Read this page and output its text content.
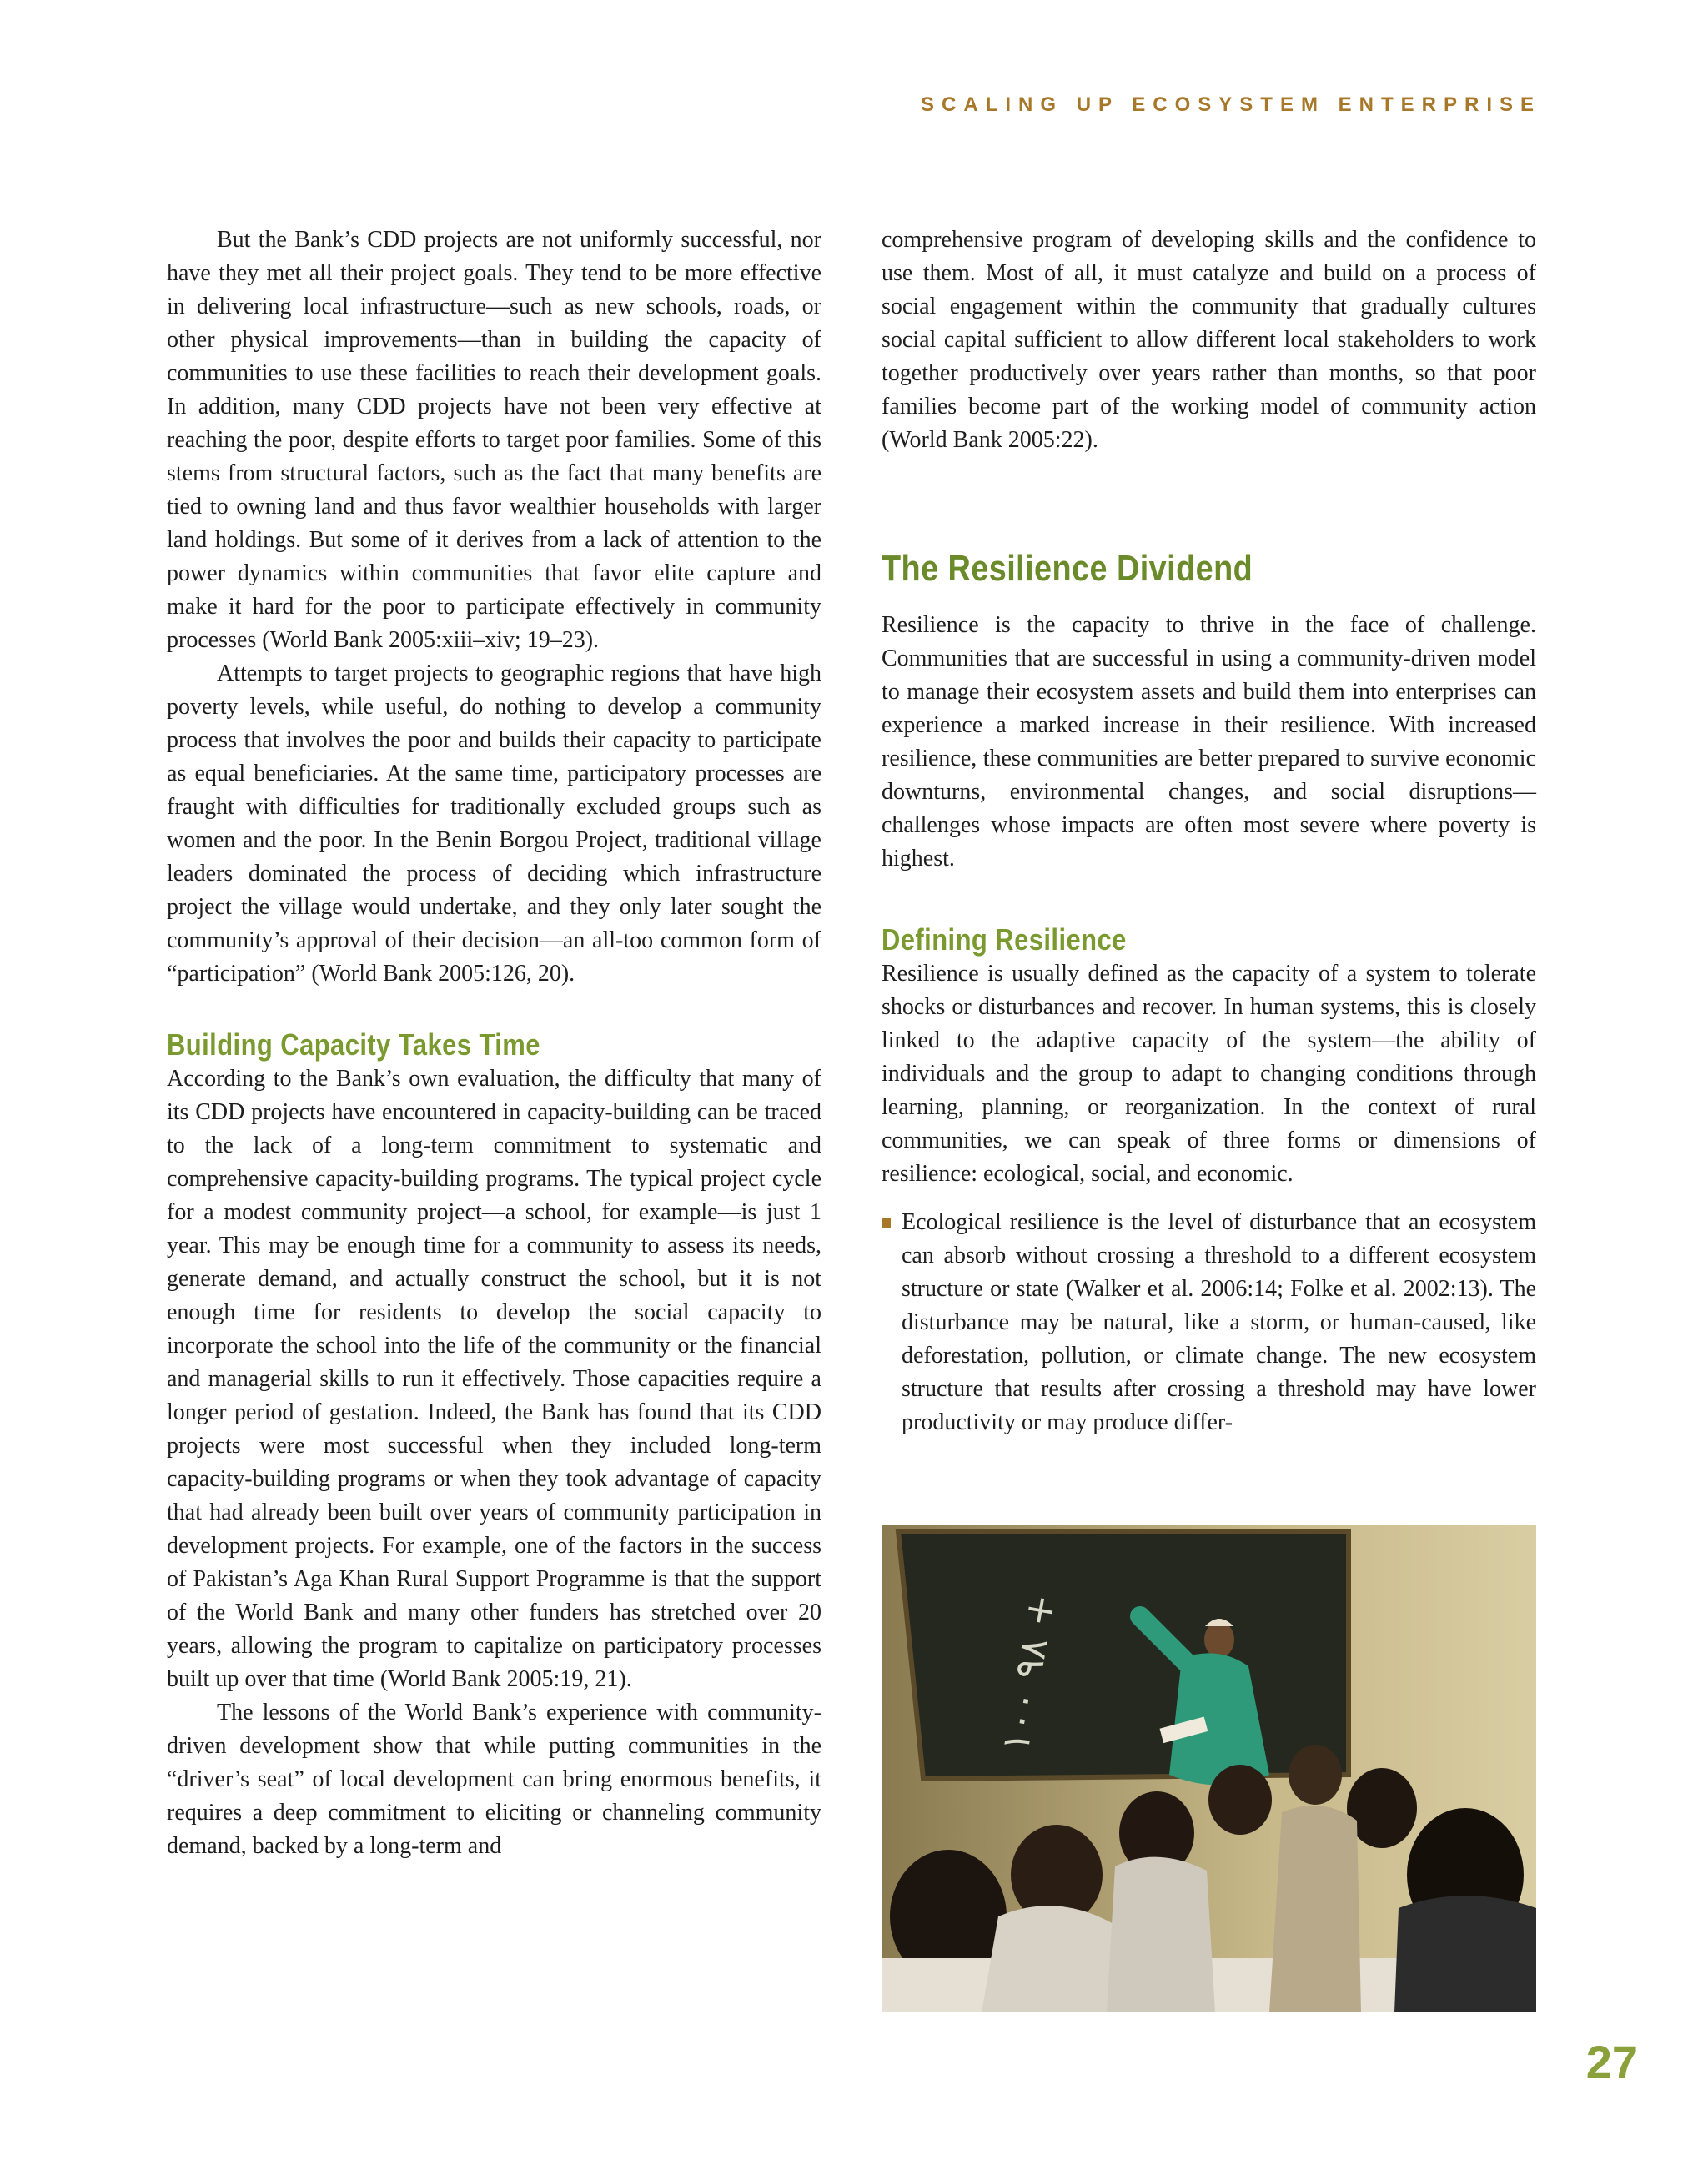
SCALING UP ECOSYSTEM ENTERPRISE

But the Bank’s CDD projects are not uniformly successful, nor have they met all their project goals. They tend to be more effective in delivering local infrastructure—such as new schools, roads, or other physical improvements—than in building the capacity of communities to use these facilities to reach their development goals. In addition, many CDD projects have not been very effective at reaching the poor, despite efforts to target poor families. Some of this stems from structural factors, such as the fact that many benefits are tied to owning land and thus favor wealthier households with larger land holdings. But some of it derives from a lack of attention to the power dynamics within communities that favor elite capture and make it hard for the poor to participate effectively in community processes (World Bank 2005:xiii–xiv; 19–23).

Attempts to target projects to geographic regions that have high poverty levels, while useful, do nothing to develop a community process that involves the poor and builds their capacity to participate as equal beneficiaries. At the same time, participatory processes are fraught with difficulties for traditionally excluded groups such as women and the poor. In the Benin Borgou Project, traditional village leaders dominated the process of deciding which infrastructure project the village would undertake, and they only later sought the community’s approval of their decision—an all-too common form of “participation” (World Bank 2005:126, 20).

Building Capacity Takes Time

According to the Bank’s own evaluation, the difficulty that many of its CDD projects have encountered in capacity-building can be traced to the lack of a long-term commitment to systematic and comprehensive capacity-building programs. The typical project cycle for a modest community project—a school, for example—is just 1 year. This may be enough time for a community to assess its needs, generate demand, and actually construct the school, but it is not enough time for residents to develop the social capacity to incorporate the school into the life of the community or the financial and managerial skills to run it effectively. Those capacities require a longer period of gestation. Indeed, the Bank has found that its CDD projects were most successful when they included long-term capacity-building programs or when they took advantage of capacity that had already been built over years of community participation in development projects. For example, one of the factors in the success of Pakistan’s Aga Khan Rural Support Programme is that the support of the World Bank and many other funders has stretched over 20 years, allowing the program to capitalize on participatory processes built up over that time (World Bank 2005:19, 21).

The lessons of the World Bank’s experience with community-driven development show that while putting communities in the “driver’s seat” of local development can bring enormous benefits, it requires a deep commitment to eliciting or channeling community demand, backed by a long-term and

comprehensive program of developing skills and the confidence to use them. Most of all, it must catalyze and build on a process of social engagement within the community that gradually cultures social capital sufficient to allow different local stakeholders to work together productively over years rather than months, so that poor families become part of the working model of community action (World Bank 2005:22).

The Resilience Dividend

Resilience is the capacity to thrive in the face of challenge. Communities that are successful in using a community-driven model to manage their ecosystem assets and build them into enterprises can experience a marked increase in their resilience. With increased resilience, these communities are better prepared to survive economic downturns, environmental changes, and social disruptions—challenges whose impacts are often most severe where poverty is highest.

Defining Resilience

Resilience is usually defined as the capacity of a system to tolerate shocks or disturbances and recover. In human systems, this is closely linked to the adaptive capacity of the system—the ability of individuals and the group to adapt to changing conditions through learning, planning, or reorganization. In the context of rural communities, we can speak of three forms or dimensions of resilience: ecological, social, and economic.

Ecological resilience is the level of disturbance that an ecosystem can absorb without crossing a threshold to a different ecosystem structure or state (Walker et al. 2006:14; Folke et al. 2002:13). The disturbance may be natural, like a storm, or human-caused, like deforestation, pollution, or climate change. The new ecosystem structure that results after crossing a threshold may have lower productivity or may produce differ-

٩٨ ١٠٠ +
27
